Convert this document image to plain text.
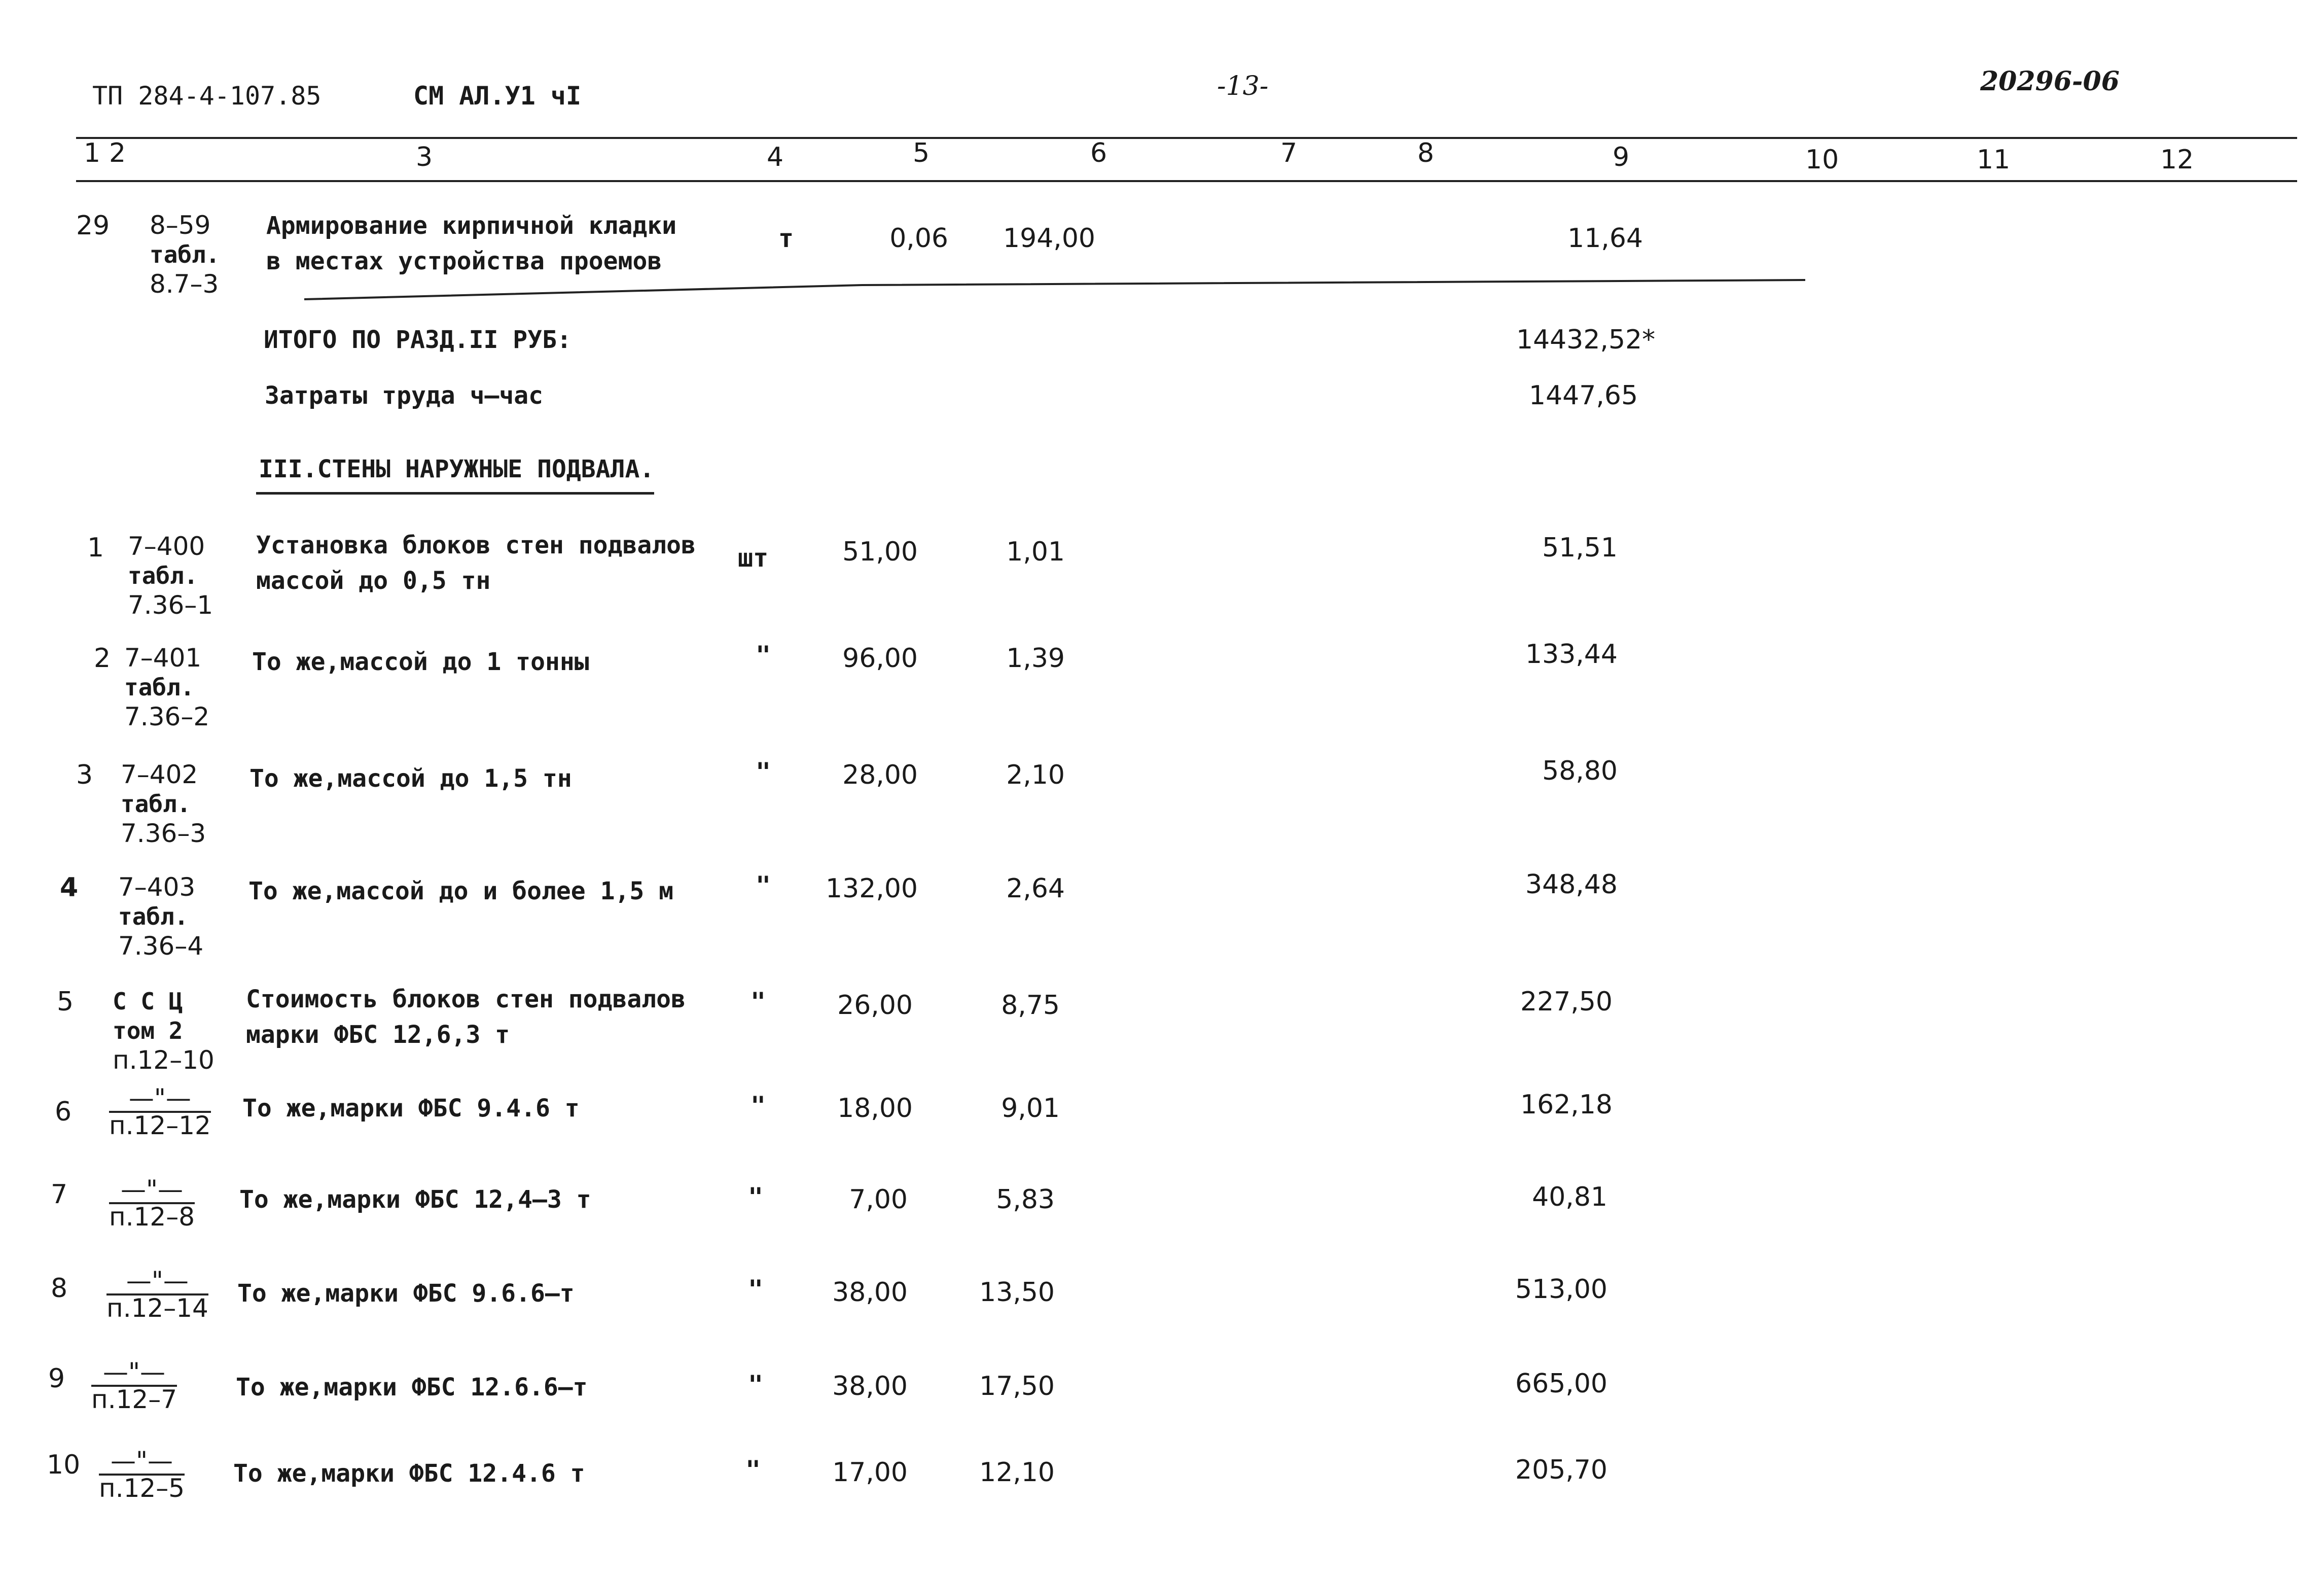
ТП 284-4-107.85	СМ АЛ.У1 чI	-13-	20296-06
1 2	3	4	5	6	7	8	9	10	11	12
29 8–59
табл.
8.7–3
Армирование кирпичной кладки
в местах устройства проемов
т	0,06	194,00	11,64
ИТОГО ПО РАЗД.II РУБ:	14432,52*
Затраты труда ч–час	1447,65
III.СТЕНЫ НАРУЖНЫЕ ПОДВАЛА.
1 7–400
табл.
7.36–1
Установка блоков стен подвалов
массой до 0,5 тн
шт	51,00	1,01	51,51
2 7–401
табл.
7.36–2
То же,массой до 1 тонны	"	96,00	1,39	133,44
3 7–402
табл.
7.36–3
То же,массой до 1,5 тн	"	28,00	2,10	58,80
4 7–403
табл.
7.36–4
То же,массой до и более 1,5 м	"	132,00	2,64	348,48
5 С С Ц
том 2
п.12–10
Стоимость блоков стен подвалов
марки ФБС 12,6,3 т
"	26,00	8,75	227,50
6	—"—
п.12–12
То же,марки ФБС 9.4.6 т	"	18,00	9,01	162,18
7	—"—
п.12–8
То же,марки ФБС 12,4–3 т	"	7,00	5,83	40,81
8	—"—
п.12–14 То же,марки ФБС 9.6.6–т	"	38,00	13,50	513,00
9	—"—
п.12–7 То же,марки ФБС 12.6.6–т	"	38,00	17,50	665,00
10	—"—
п.12–5 То же,марки ФБС 12.4.6 т	"	17,00	12,10	205,70
